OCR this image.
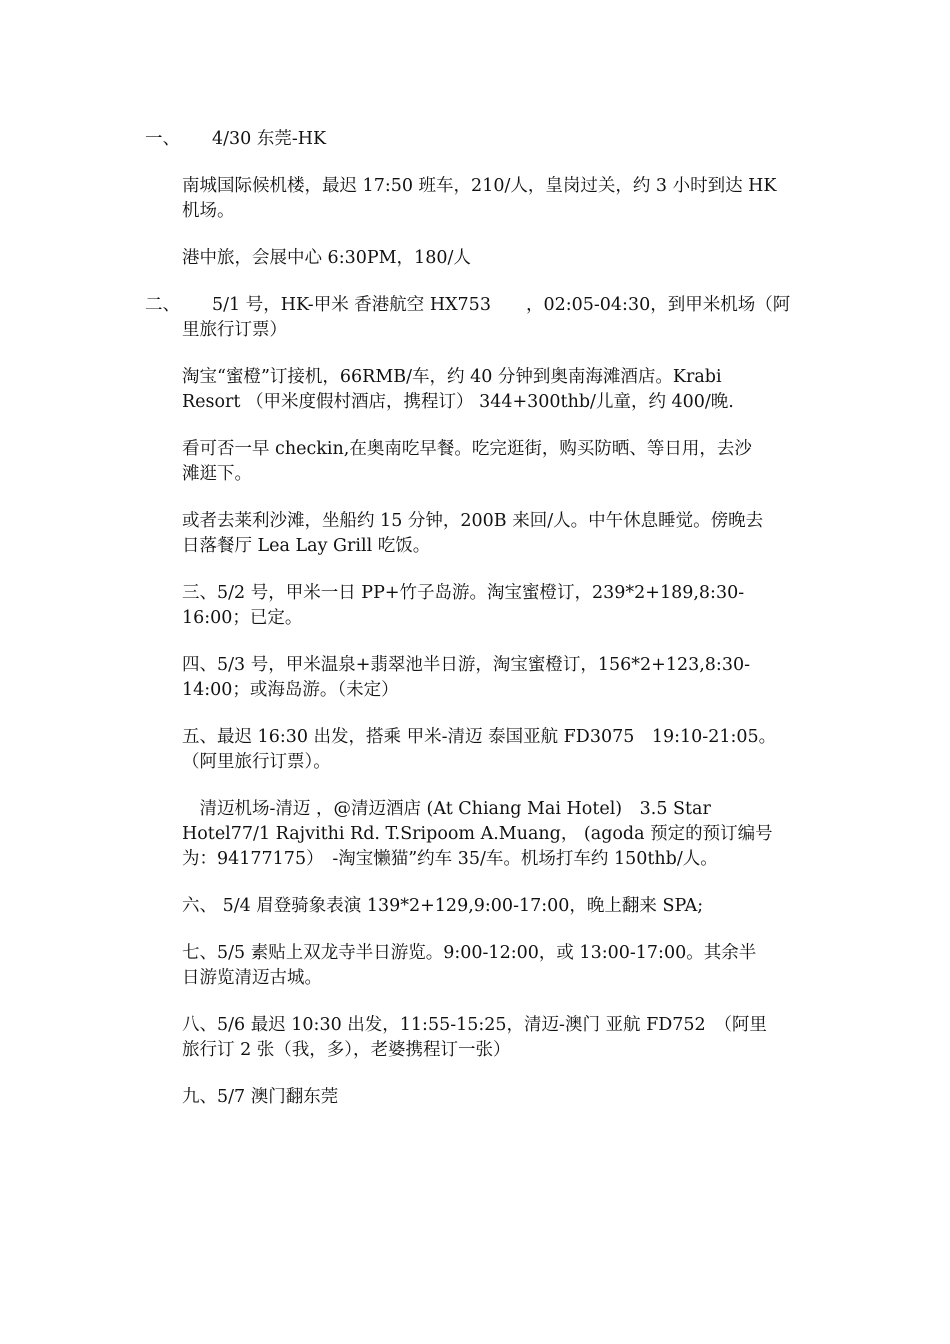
一、 4/30 东莞-HK
南城国际候机楼，最迟 17:50 班车，210/人，皇岗过关，约 3 小时到达 HK
机场。
港中旅，会展中心 6:30PM，180/人
二、 5/1 号，HK-甲米 香港航空 HX753　　，02:05-04:30，到甲米机场（阿
里旅行订票）
淘宝“蜜橙”订接机，66RMB/车，约 40 分钟到奥南海滩酒店。Krabi
Resort （甲米度假村酒店，携程订） 344+300thb/儿童，约 400/晚.
看可否一早 checkin,在奥南吃早餐。吃完逛街，购买防晒、等日用，去沙
滩逛下。
或者去莱利沙滩，坐船约 15 分钟，200B 来回/人。中午休息睡觉。傍晚去
日落餐厅 Lea Lay Grill 吃饭。
三、5/2 号，甲米一日 PP+竹子岛游。淘宝蜜橙订，239*2+189,8:30-
16:00；已定。
四、5/3 号，甲米温泉+翡翠池半日游，淘宝蜜橙订，156*2+123,8:30-
14:00；或海岛游。（未定）
五、最迟 16:30 出发，搭乘 甲米-清迈 泰国亚航 FD3075　19:10-21:05。
（阿里旅行订票）。
　清迈机场-清迈 ，@清迈酒店 (At Chiang Mai Hotel)　3.5 Star
Hotel77/1 Rajvithi Rd. T.Sripoom A.Muang， (agoda 预定的预订编号
为：94177175）　-淘宝懒猫”约车 35/车。机场打车约 150thb/人。
六、 5/4 眉登骑象表演 139*2+129,9:00-17:00，晚上翻来 SPA;
七、5/5 素贴上双龙寺半日游览。9:00-12:00，或 13:00-17:00。其余半
日游览清迈古城。
八、5/6 最迟 10:30 出发，11:55-15:25，清迈-澳门 亚航 FD752　（阿里
旅行订 2 张（我，多），老婆携程订一张）
九、5/7 澳门翻东莞
